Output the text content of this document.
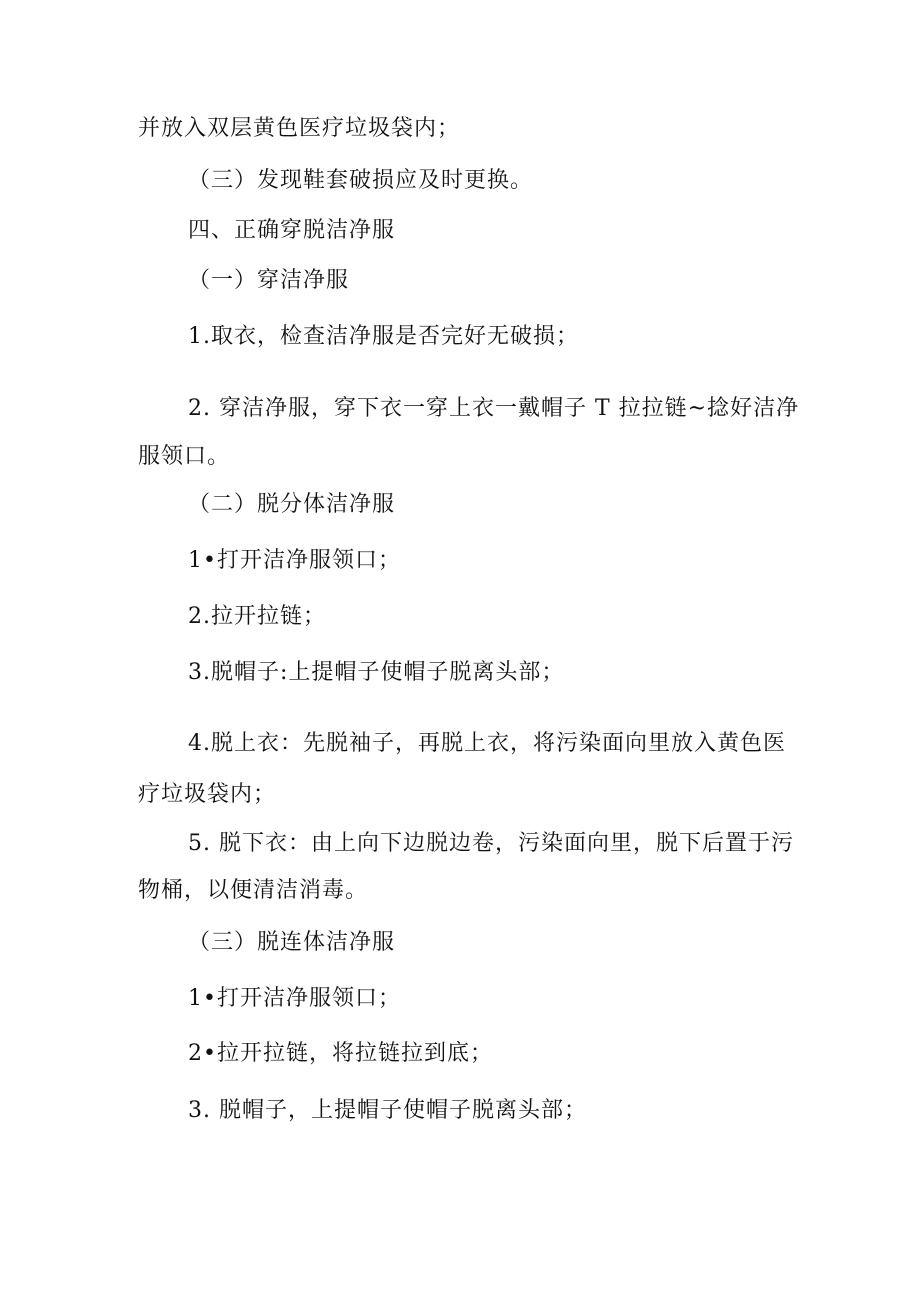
并放入双层黄色医疗垃圾袋内；
（三）发现鞋套破损应及时更换。
四、正确穿脱洁净服
（一）穿洁净服
1.取衣，检查洁净服是否完好无破损；
2. 穿洁净服，穿下衣一穿上衣一戴帽子 T 拉拉链~捻好洁净
服领口。
（二）脱分体洁净服
1•打开洁净服领口；
2.拉开拉链；
3.脱帽子:上提帽子使帽子脱离头部；
4.脱上衣：先脱袖子，再脱上衣，将污染面向里放入黄色医
疗垃圾袋内；
5. 脱下衣：由上向下边脱边卷，污染面向里，脱下后置于污
物桶，以便清洁消毒。
（三）脱连体洁净服
1•打开洁净服领口；
2•拉开拉链，将拉链拉到底；
3. 脱帽子，上提帽子使帽子脱离头部；
